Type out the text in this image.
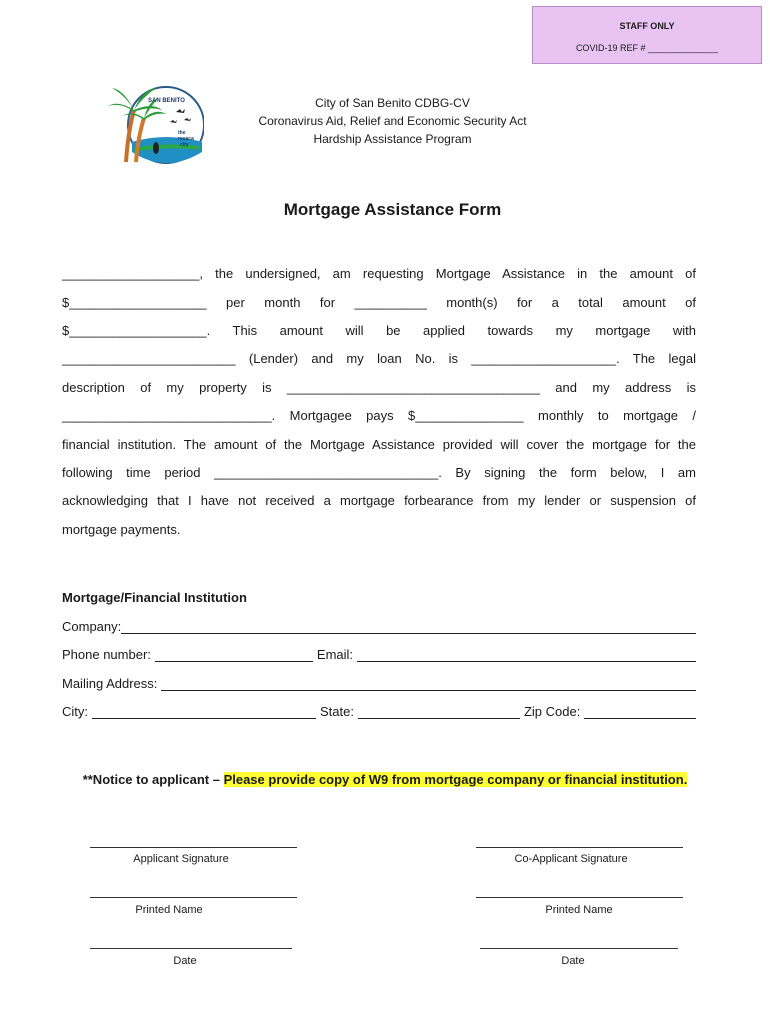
STAFF ONLY
COVID-19 REF # ______________
SAN BENITO
the
resaca
city
City of San Benito CDBG-CV
Coronavirus Aid, Relief and Economic Security Act
Hardship Assistance Program
Mortgage Assistance Form
___________________, the undersigned, am requesting Mortgage Assistance in the amount of
$___________________ per month for __________ month(s) for a total amount of
$___________________. This amount will be applied towards my mortgage with
________________________ (Lender) and my loan No. is ____________________. The legal
description of my property is ___________________________________ and my address is
_____________________________. Mortgagee pays $_______________ monthly to mortgage /
financial institution. The amount of the Mortgage Assistance provided will cover the mortgage for the
following time period _______________________________. By signing the form below, I am
acknowledging that I have not received a mortgage forbearance from my lender or suspension of
mortgage payments.
Mortgage/Financial Institution
Company:
Phone number:	Email:
Mailing Address:
City:	State:	Zip Code:
**Notice to applicant – Please provide copy of W9 from mortgage company or financial institution.
Applicant Signature	Co-Applicant Signature
Printed Name	Printed Name
Date	Date
